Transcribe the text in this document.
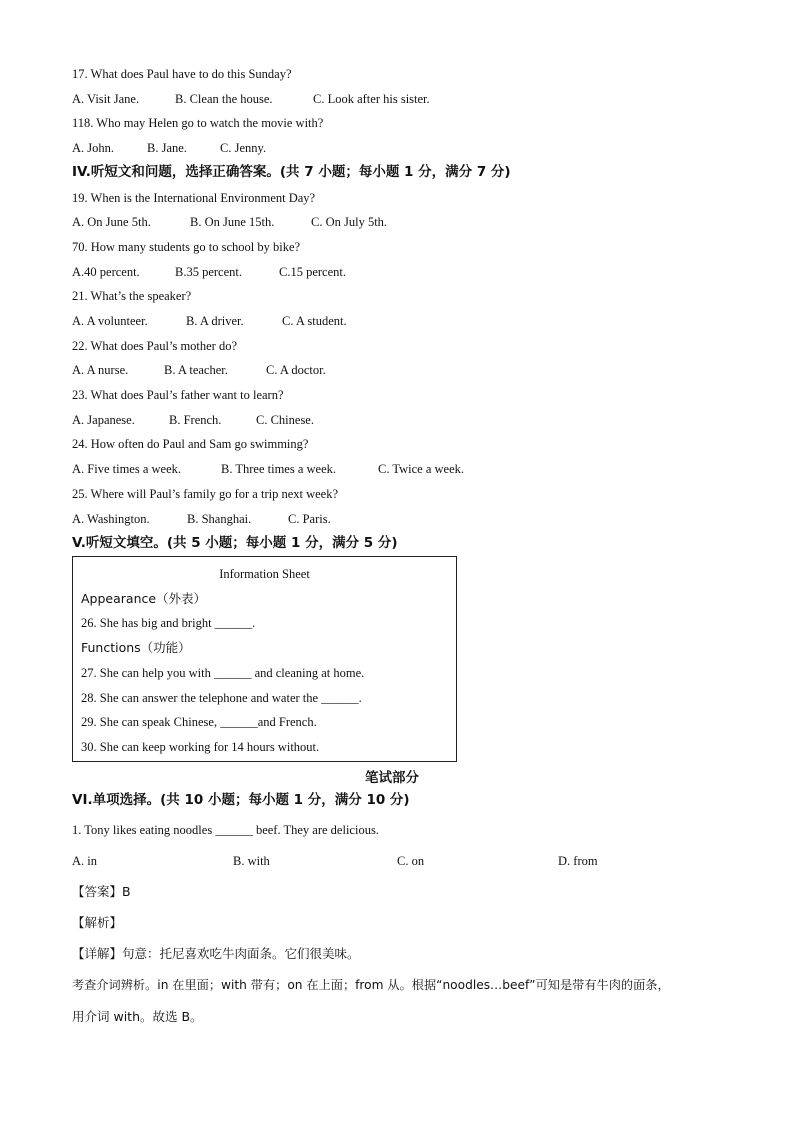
17. What does Paul have to do this Sunday?
A. Visit Jane.	B. Clean the house.	C. Look after his sister.
118. Who may Helen go to watch the movie with?
A. John.	B. Jane.	C. Jenny.
IV.听短文和问题，选择正确答案。(共 7 小题；每小题 1 分，满分 7 分)
19. When is the International Environment Day?
A. On June 5th.	B. On June 15th.	C. On July 5th.
70. How many students go to school by bike?
A.40 percent.	B.35 percent.	C.15 percent.
21. What’s the speaker?
A. A volunteer.	B. A driver.	C. A student.
22. What does Paul’s mother do?
A. A nurse.	B. A teacher.	C. A doctor.
23. What does Paul’s father want to learn?
A. Japanese.	B. French.	C. Chinese.
24. How often do Paul and Sam go swimming?
A. Five times a week.	B. Three times a week.	C. Twice a week.
25. Where will Paul’s family go for a trip next week?
A. Washington.	B. Shanghai.	C. Paris.
V.听短文填空。(共 5 小题；每小题 1 分，满分 5 分)
Information Sheet
Appearance（外表）
26. She has big and bright ______.
Functions（功能）
27. She can help you with ______ and cleaning at home.
28. She can answer the telephone and water the ______.
29. She can speak Chinese, ______and French.
30. She can keep working for 14 hours without.
笔试部分
VI.单项选择。(共 10 小题；每小题 1 分，满分 10 分)
1. Tony likes eating noodles ______ beef. They are delicious.
A. in	B. with	C. on	D. from
【答案】B
【解析】
【详解】句意：托尼喜欢吃牛肉面条。它们很美味。
考查介词辨析。in 在里面；with 带有；on 在上面；from 从。根据“noodles…beef”可知是带有牛肉的面条，
用介词 with。故选 B。
